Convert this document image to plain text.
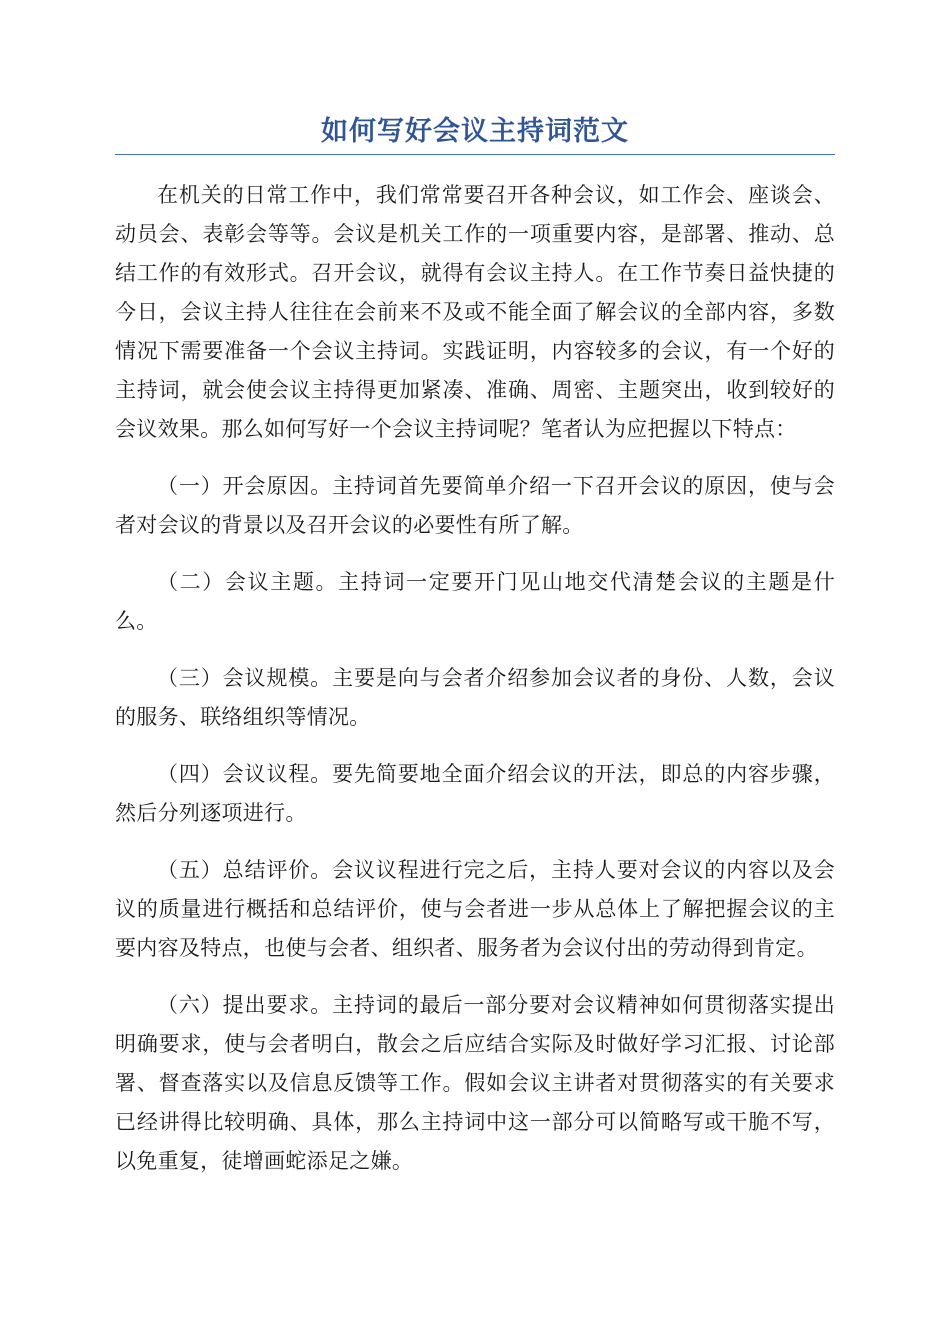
如何写好会议主持词范文

在机关的日常工作中，我们常常要召开各种会议，如工作会、座谈会、动员会、表彰会等等。会议是机关工作的一项重要内容，是部署、推动、总结工作的有效形式。召开会议，就得有会议主持人。在工作节奏日益快捷的今日，会议主持人往往在会前来不及或不能全面了解会议的全部内容，多数情况下需要准备一个会议主持词。实践证明，内容较多的会议，有一个好的主持词，就会使会议主持得更加紧凑、准确、周密、主题突出，收到较好的会议效果。那么如何写好一个会议主持词呢？笔者认为应把握以下特点：

（一）开会原因。主持词首先要简单介绍一下召开会议的原因，使与会者对会议的背景以及召开会议的必要性有所了解。

（二）会议主题。主持词一定要开门见山地交代清楚会议的主题是什么。

（三）会议规模。主要是向与会者介绍参加会议者的身份、人数，会议的服务、联络组织等情况。

（四）会议议程。要先简要地全面介绍会议的开法，即总的内容步骤，然后分列逐项进行。

（五）总结评价。会议议程进行完之后，主持人要对会议的内容以及会议的质量进行概括和总结评价，使与会者进一步从总体上了解把握会议的主要内容及特点，也使与会者、组织者、服务者为会议付出的劳动得到肯定。

（六）提出要求。主持词的最后一部分要对会议精神如何贯彻落实提出明确要求，使与会者明白，散会之后应结合实际及时做好学习汇报、讨论部署、督查落实以及信息反馈等工作。假如会议主讲者对贯彻落实的有关要求已经讲得比较明确、具体，那么主持词中这一部分可以简略写或干脆不写，以免重复，徒增画蛇添足之嫌。
